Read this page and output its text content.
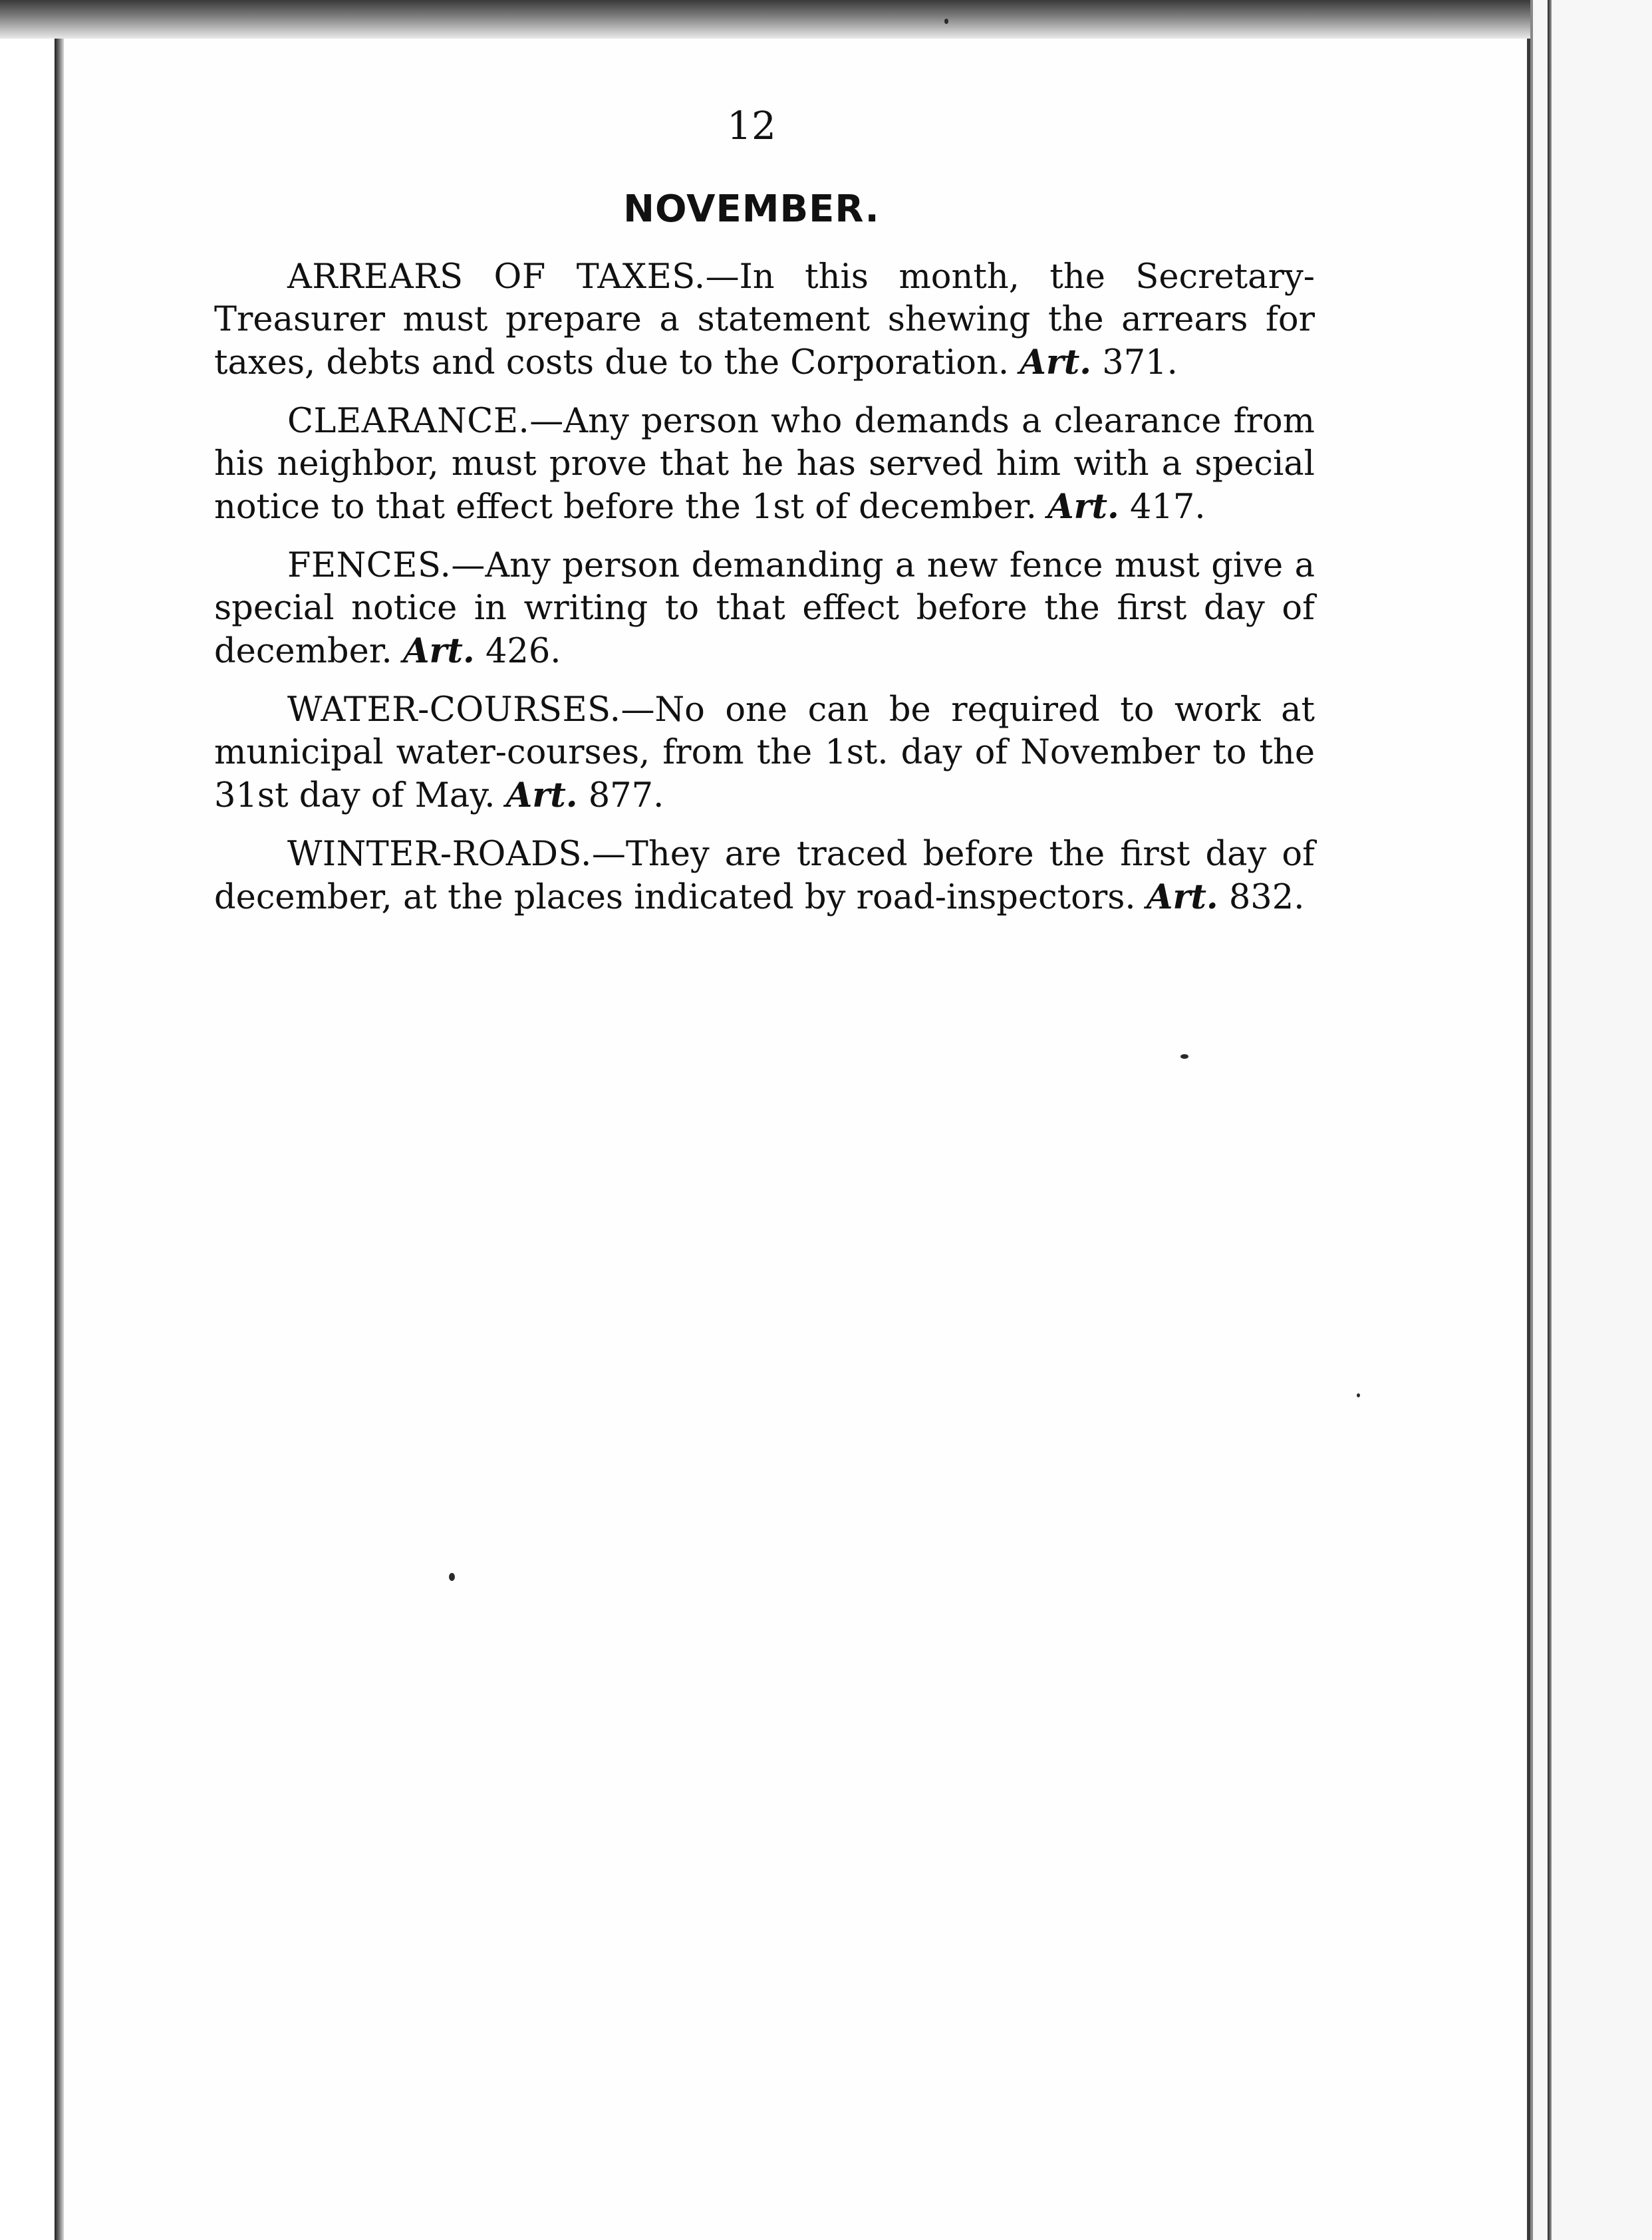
12
NOVEMBER.

ARREARS OF TAXES.—In this month, the Secretary-Treasurer must prepare a statement shewing the arrears for taxes, debts and costs due to the Corporation. Art. 371.

CLEARANCE.—Any person who demands a clearance from his neighbor, must prove that he has served him with a special notice to that effect before the 1st of december. Art. 417.

FENCES.—Any person demanding a new fence must give a special notice in writing to that effect before the first day of december. Art. 426.

WATER-COURSES.—No one can be required to work at municipal water-courses, from the 1st. day of November to the 31st day of May. Art. 877.

WINTER-ROADS.—They are traced before the first day of december, at the places indicated by road-inspectors. Art. 832.
